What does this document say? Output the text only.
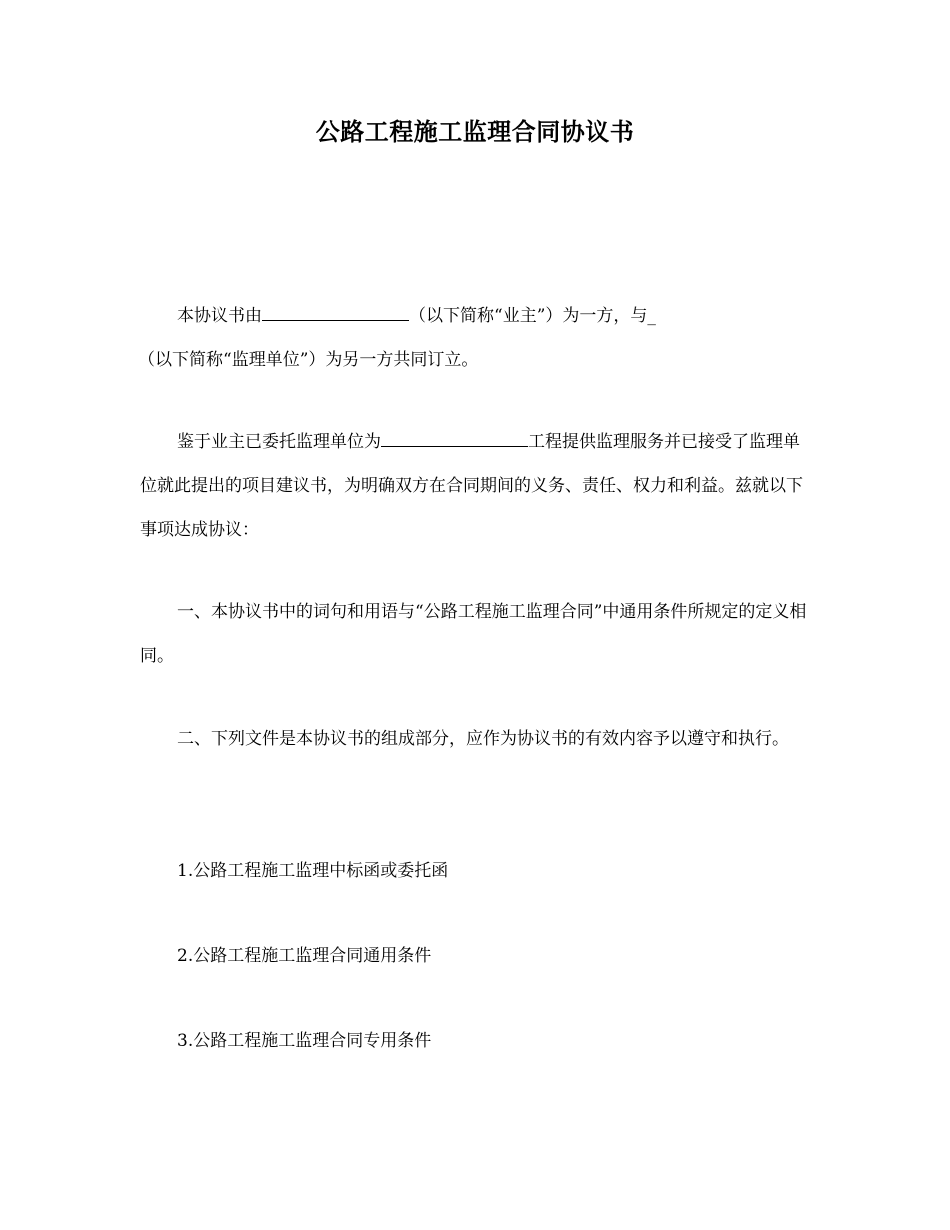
公路工程施工监理合同协议书
本协议书由	（以下简称“业主”）为一方，与_
（以下简称“监理单位”）为另一方共同订立。
鉴于业主已委托监理单位为	工程提供监理服务并已接受了监理单位就此提出的项目建议书，为明确双方在合同期间的义务、责任、权力和利益。兹就以下事项达成协议：
一、本协议书中的词句和用语与“公路工程施工监理合同”中通用条件所规定的定义相同。
二、下列文件是本协议书的组成部分，应作为协议书的有效内容予以遵守和执行。
1.公路工程施工监理中标函或委托函
2.公路工程施工监理合同通用条件
3.公路工程施工监理合同专用条件
